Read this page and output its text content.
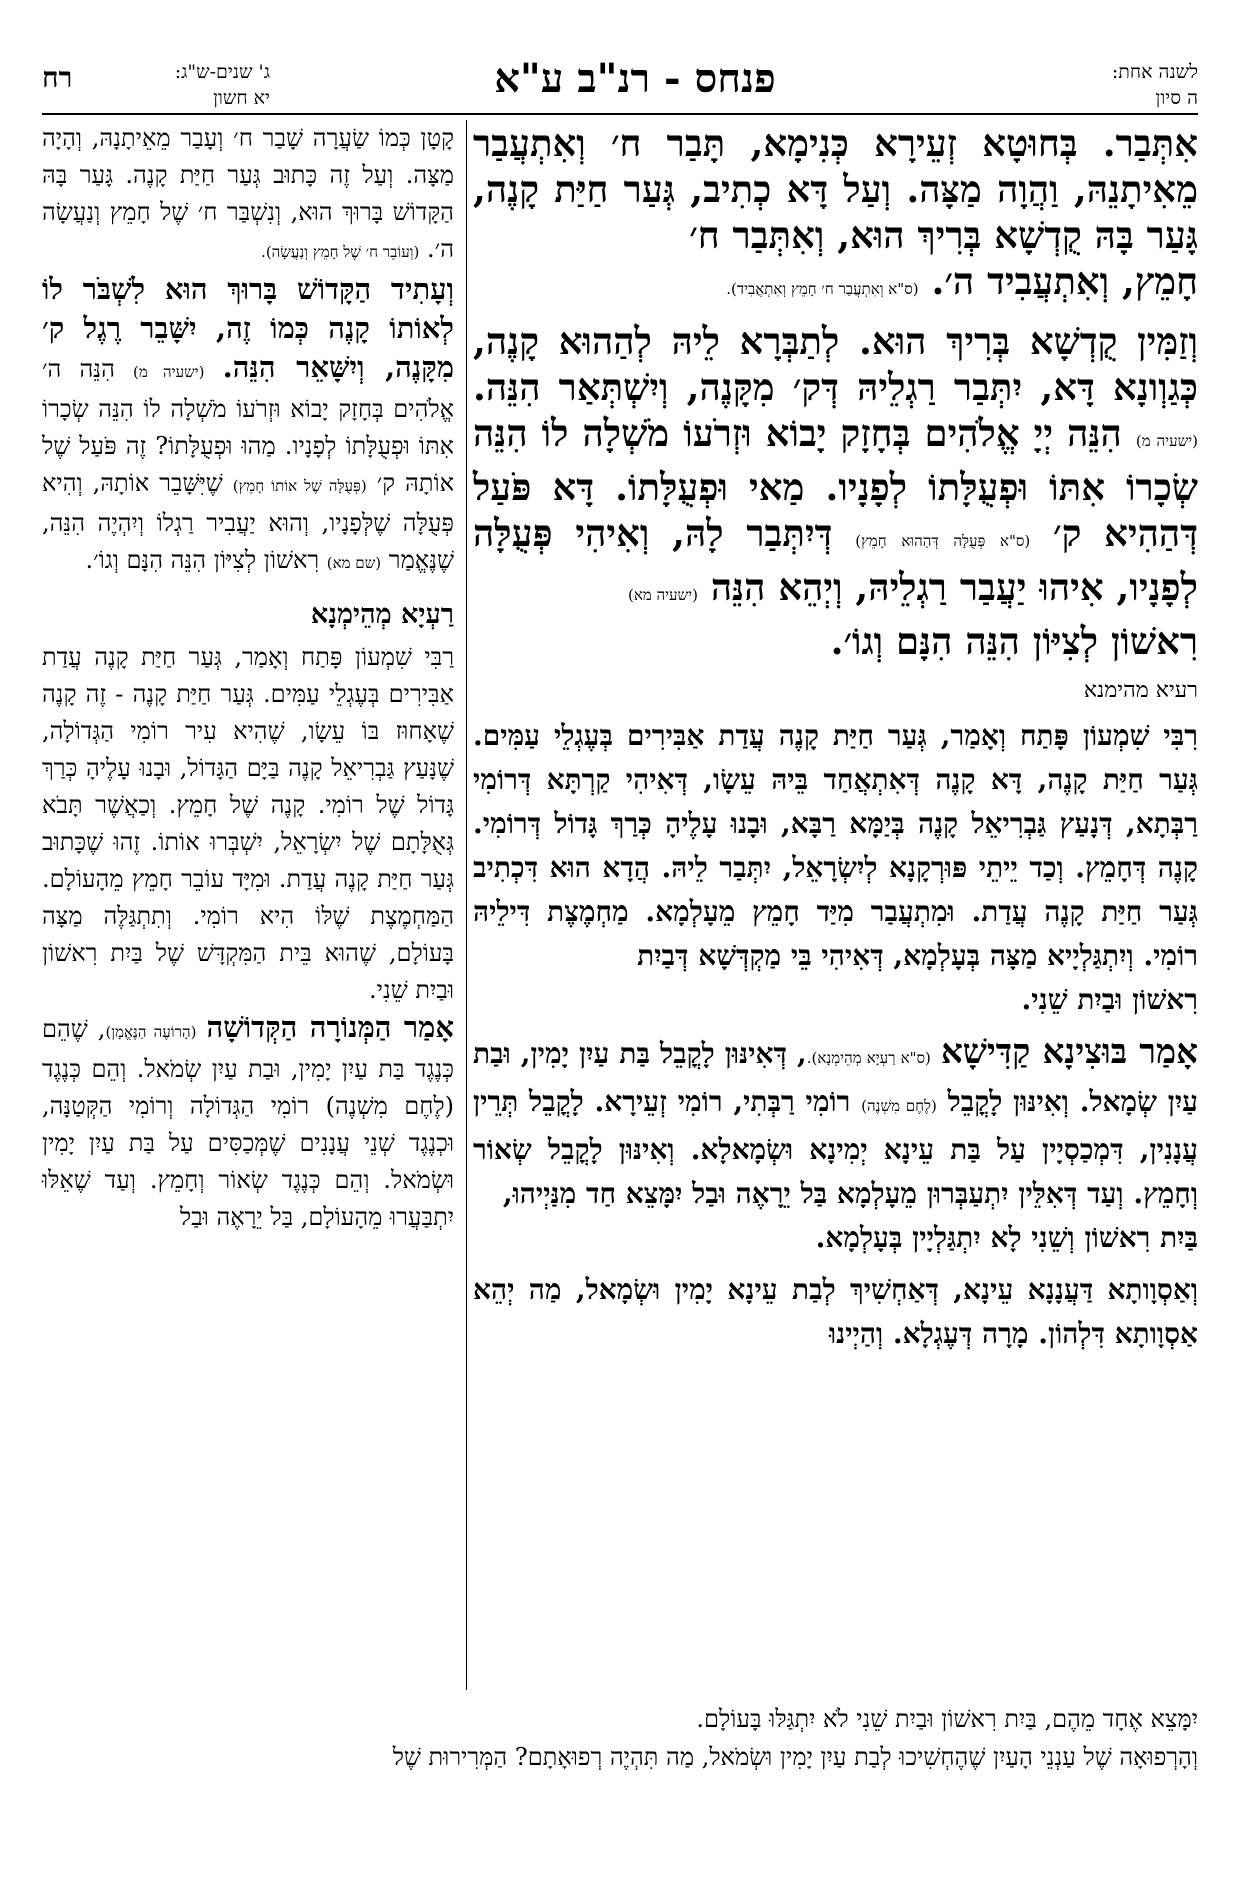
לשנה אחת:
ה סיון
פנחס - רנ"ב ע"א
ג' שנים-ש"ג:
יא חשון
רח

אִתְּבַר. בְּחוּטָא זְעֵירָא כְּנִימָא, תָּבַר ח׳ וְאִתְעֲבַר מֵאִיתָנֵהּ, וַהֲוָה מַצָּה. וְעַל דָּא כְתִיב, גְּעַר חַיַּת קָנֶה, גָּעַר בָּהּ קֻדְשָׁא בְּרִיךְ הוּא, וְאִתְּבַר ח׳

חָמֵץ, וְאִתְעֲבִיד ה׳. (ס"א וְאִתְעֲבַר ח׳ חָמֵץ וְאִתְאֲבִיד).

וְזַמִּין קֻדְשָׁא בְּרִיךְ הוּא. לְתַבְּרָא לֵיהּ לְהַהוּא קָנֶה, כְּגַוְונָא דָּא, יִתְּבַר רַגְלֵיהּ דְּק׳ מִקָּנֶה, וְיִשְׁתְּאַר הִנֵּה. (ישעיה מ) הִנֵּה יְיָ אֱלֹהִים בְּחָזָק יָבוֹא וּזְרֹעוֹ מֹשְׁלָה לוֹ הִנֵּה שְׂכָרוֹ אִתּוֹ וּפְעֻלָּתוֹ לְפָנָיו. מַאי וּפְעֻלָּתוֹ. דָּא פֹּעַל דְּהַהִיא ק׳ (ס"א פְּעֻלָּה דְּהַהוּא חָמֵץ) דְּיִתְּבַר לָהּ, וְאִיהִי פְּעֻלָּה לְפָנָיו, אִיהוּ יַעֲבַר רַגְלֵיהּ, וְיְהֵא הִנֵּה (ישעיה מא)

רִאשׁוֹן לְצִיּוֹן הִנֵּה הִנָּם וְגוֹ׳.

רעיא מהימנא

רִבִּי שִׁמְעוֹן פָּתַח וְאָמַר, גְּעַר חַיַּת קָנֶה עֲדַת אַבִּירִים בְּעֶגְלֵי עַמִּים. גְּעַר חַיַּת קָנֶה, דָּא קָנֶה דְּאִתְאֲחַד בֵּיהּ עֵשָׂו, דְּאִיהִי קַרְתָּא דְּרוֹמִי רַבְּתָא, דְּנָעַץ גַּבְרִיאֵל קָנֶה בְּיַמָּא רַבָּא, וּבָנוּ עָלֶיהָ כְּרַךְ גָּדוֹל דְּרוֹמִי. קָנֶה דְּחָמֵץ. וְכַד יֵיתֵי פּוּרְקָנָא לְיִשְׂרָאֵל, יִתְּבַר לֵיהּ. הֲדָא הוּא דִּכְתִיב גְּעַר חַיַּת קָנֶה עֲדַת. וּמִתְעֲבַר מִיַּד חָמֵץ מֵעָלְמָא. מַחְמֶצֶת דִּילֵיהּ רוֹמִי. וְיִתְגַּלְיָיא מַצָּה בְּעָלְמָא, דְּאִיהִי בֵּי מַקְדְּשָׁא דְּבַיִת

רִאשׁוֹן וּבַיִת שֵׁנִי.

אָמַר בּוּצִינָא קַדִּישָׁא (ס"א רַעְיָא מְהֵימְנָא)., דְּאִינּוּן לָקֳבֵל בַּת עַיִן יָמִין, וּבַת עַיִן שְׂמָאל. וְאִינּוּן לָקֳבֵל (לֶחֶם מִשְׁנֶה) רוֹמִי רַבְּתִי, רוֹמִי זְעֵירָא. לָקֳבֵל תְּרֵין עֲנָנִין, דִּמְכַסְיָין עַל בַּת עֵינָא יְמִינָא וּשְׂמָאלָא. וְאִינּוּן לָקֳבֵל שְׂאוֹר וְחָמֵץ. וְעַד דְּאִלֵּין יִתְעַבְּרוּן מֵעָלְמָא בַּל יֵרָאֶה וּבַל יִמָּצֵא חַד מִנַּיְיהוּ,

בַּיִת רִאשׁוֹן וְשֵׁנִי לָא יִתְגַּלְיָין בְּעָלְמָא.

וְאַסְוָותָא דַּעֲנָנָא עֵינָא, דְּאַחְשִׁיךְ לְבַת עֵינָא יָמִין וּשְׂמָאל, מַה יְהֵא אַסְוָותָא דִּלְהוֹן. מָרָה דְּעֶגְלָא. וְהַיְינוּ

קָטָן כְּמוֹ שַׂעֲרָה שָׁבַר ח׳ וְעָבַר מֵאֵיתָנָהּ, וְהָיָה מַצָּה. וְעַל זֶה כָּתוּב גְּעַר חַיַּת קָנֶה. גָּעַר בָּהּ הַקָּדוֹשׁ בָּרוּךְ הוּא, וְנִשְׁבַּר ח׳ שֶׁל חָמֵץ וְנַעֲשָׂה ה׳. (וְעוֹבֵר ח׳ שֶׁל חָמֵץ וְנַעֲשָׂה).

וְעָתִיד הַקָּדוֹשׁ בָּרוּךְ הוּא לִשְׁבֹּר לוֹ לְאוֹתוֹ קָנֶה כְּמוֹ זֶה, יִשָּׁבֵר רֶגֶל ק׳ מִקָּנֶה, וְיִשָּׁאֵר הִנֵּה. (ישעיה מ) הִנֵּה ה׳ אֱלֹהִים בְּחָזָק יָבוֹא וּזְרֹעוֹ מֹשְׁלָה לוֹ הִנֵּה שְׂכָרוֹ אִתּוֹ וּפְעֻלָּתוֹ לְפָנָיו. מַהוּ וּפְעֻלָּתוֹ? זֶה פֹּעַל שֶׁל אוֹתָהּ ק׳ (פְּעֻלָּה שֶׁל אוֹתוֹ חָמֵץ) שֶׁיִּשָּׁבֵר אוֹתָהּ, וְהִיא פְּעֻלָּה שֶׁלְּפָנָיו, וְהוּא יַעֲבִיר רַגְלוֹ וְיִהְיֶה הִנֵּה, שֶׁנֶּאֱמַר (שם מא) רִאשׁוֹן לְצִיּוֹן הִנֵּה הִנָּם וְגוֹ׳.

רַעְיָא מְהֵימְנָא

רַבִּי שִׁמְעוֹן פָּתַח וְאָמַר, גְּעַר חַיַּת קָנֶה עֲדַת אַבִּירִים בְּעֶגְלֵי עַמִּים. גְּעַר חַיַּת קָנֶה - זֶה קָנֶה שֶׁאָחוּז בּוֹ עֵשָׂו, שֶׁהִיא עִיר רוֹמִי הַגְּדוֹלָה, שֶׁנָּעַץ גַּבְרִיאֵל קָנֶה בַּיָּם הַגָּדוֹל, וּבָנוּ עָלֶיהָ כְּרַךְ גָּדוֹל שֶׁל רוֹמִי. קָנֶה שֶׁל חָמֵץ. וְכַאֲשֶׁר תָּבֹא גְּאֻלָּתָם שֶׁל יִשְׂרָאֵל, יִשְׁבְּרוּ אוֹתוֹ. זֶהוּ שֶׁכָּתוּב גְּעַר חַיַּת קָנֶה עֲדַת. וּמִיָּד עוֹבֵר חָמֵץ מֵהָעוֹלָם. הַמַּחְמֶצֶת שֶׁלּוֹ הִיא רוֹמִי. וְתִתְגַּלֶּה מַצָּה בָּעוֹלָם, שֶׁהוּא בֵּית הַמִּקְדָּשׁ שֶׁל בַּיִת רִאשׁוֹן וּבַיִת שֵׁנִי.

אָמַר הַמְּנוֹרָה הַקְּדוֹשָׁה (הָרוֹעֶה הַנֶּאֱמָן), שֶׁהֵם כְּנֶגֶד בַּת עַיִן יָמִין, וּבַת עַיִן שְׂמֹאל. וְהֵם כְּנֶגֶד (לֶחֶם מִשְׁנֶה) רוֹמִי הַגְּדוֹלָה וְרוֹמִי הַקְּטַנָּה, וּכְנֶגֶד שְׁנֵי עֲנָנִים שֶׁמְּכַסִּים עַל בַּת עַיִן יָמִין וּשְׂמֹאל. וְהֵם כְּנֶגֶד שְׂאוֹר וְחָמֵץ. וְעַד שֶׁאֵלּוּ יִתְבַּעֲרוּ מֵהָעוֹלָם, בַּל יֵרָאֶה וּבַל

יִמָּצֵא אֶחָד מֵהֶם, בַּיִת רִאשׁוֹן וּבַיִת שֵׁנִי לֹא יִתְגַּלּוּ בָּעוֹלָם.

וְהָרְפוּאָה שֶׁל עַנְנֵי הָעַיִן שֶׁהֶחְשִׁיכוּ לְבַת עַיִן יָמִין וּשְׂמֹאל, מַה תִּהְיֶה רְפוּאָתָם? הַמְּרִירוּת שֶׁל
